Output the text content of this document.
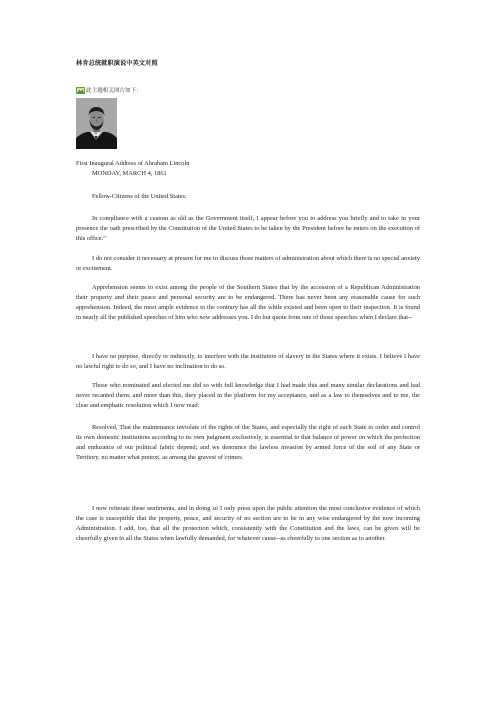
林肯总统就职演说中英文对照
此主题相关图片如下：
First Inaugural Address of Abraham Lincoln
MONDAY, MARCH 4, 1861
Fellow-Citizens of the United States:
In compliance with a custom as old as the Government itself, I appear before you to address you briefly and to take in your presence the oath prescribed by the Constitution of the United States to be taken by the President before he enters on the execution of this office."
I do not consider it necessary at present for me to discuss those matters of administration about which there is no special anxiety or excitement.
Apprehension seems to exist among the people of the Southern States that by the accession of a Republican Administration their property and their peace and personal security are to be endangered. There has never been any reasonable cause for such apprehension. Indeed, the most ample evidence to the contrary has all the while existed and been open to their inspection. It is found in nearly all the published speeches of him who now addresses you. I do but quote from one of those speeches when I declare that--
I have no purpose, directly or indirectly, to interfere with the institution of slavery in the States where it exists. I believe I have no lawful right to do so, and I have no inclination to do so.
Those who nominated and elected me did so with full knowledge that I had made this and many similar declarations and had never recanted them; and more than this, they placed in the platform for my acceptance, and as a law to themselves and to me, the clear and emphatic resolution which I now read:
Resolved, That the maintenance inviolate of the rights of the States, and especially the right of each State to order and control its own domestic institutions according to its own judgment exclusively, is essential to that balance of power on which the perfection and endurance of our political fabric depend; and we denounce the lawless invasion by armed force of the soil of any State or Territory, no matter what pretext, as among the gravest of crimes.
I now reiterate these sentiments, and in doing so I only press upon the public attention the most conclusive evidence of which the case is susceptible that the property, peace, and security of no section are to be in any wise endangered by the now incoming Administration. I add, too, that all the protection which, consistently with the Constitution and the laws, can be given will be cheerfully given to all the States when lawfully demanded, for whatever cause--as cheerfully to one section as to another.
